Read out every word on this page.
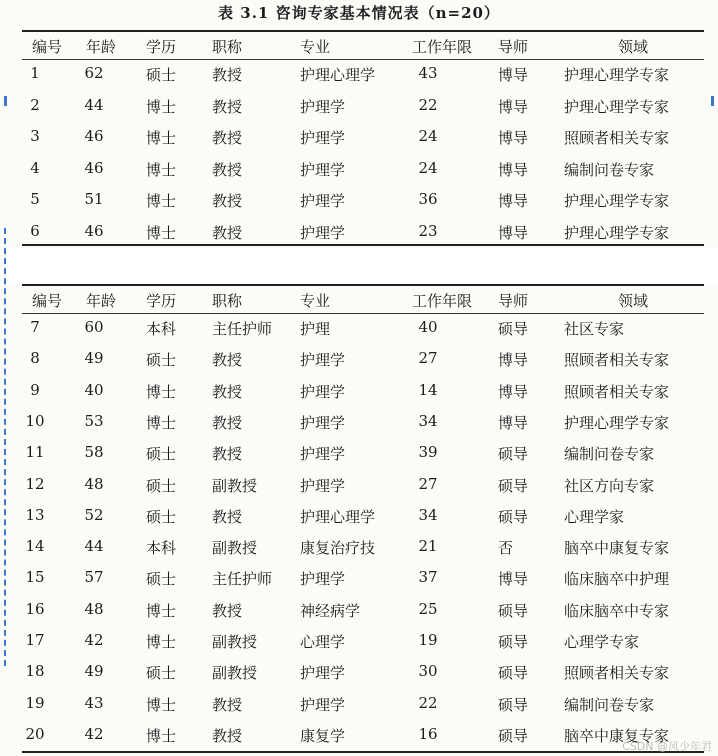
表 3.1 咨询专家基本情况表（n=20）
编号 年龄 学历 职称	专业	工作年限 导师	领域
1	62	硕士 教授	护理心理学	43	博导 护理心理学专家
2	44	博士 教授	护理学	22	博导 护理心理学专家
3	46	博士 教授	护理学	24	博导 照顾者相关专家
4	46	博士 教授	护理学	24	博导 编制问卷专家
5	51	博士 教授	护理学	36	博导 护理心理学专家
6	46	博士 教授	护理学	23	博导 护理心理学专家
编号 年龄 学历 职称	专业	工作年限 导师	领域
7	60	本科 主任护师 护理	40	硕导 社区专家
8	49	硕士 教授	护理学	27	博导 照顾者相关专家
9	40	博士 教授	护理学	14	博导 照顾者相关专家
10	53	博士 教授	护理学	34	博导 护理心理学专家
11	58	硕士 教授	护理学	39	硕导 编制问卷专家
12	48	硕士 副教授	护理学	27	硕导 社区方向专家
13	52	硕士 教授	护理心理学	34	硕导 心理学家
14	44	本科 副教授	康复治疗技	21	否	脑卒中康复专家
15	57	硕士 主任护师 护理学	37	博导 临床脑卒中护理
16	48	博士 教授	神经病学	25	硕导 临床脑卒中专家
17	42	博士 副教授	心理学	19	硕导 心理学专家
18	49	硕士 副教授	护理学	30	硕导 照顾者相关专家
19	43	博士 教授	护理学	22	硕导 编制问卷专家
20	42	博士 教授	康复学	16	硕导 脑卒中康复专家
CSDN @风少年君
